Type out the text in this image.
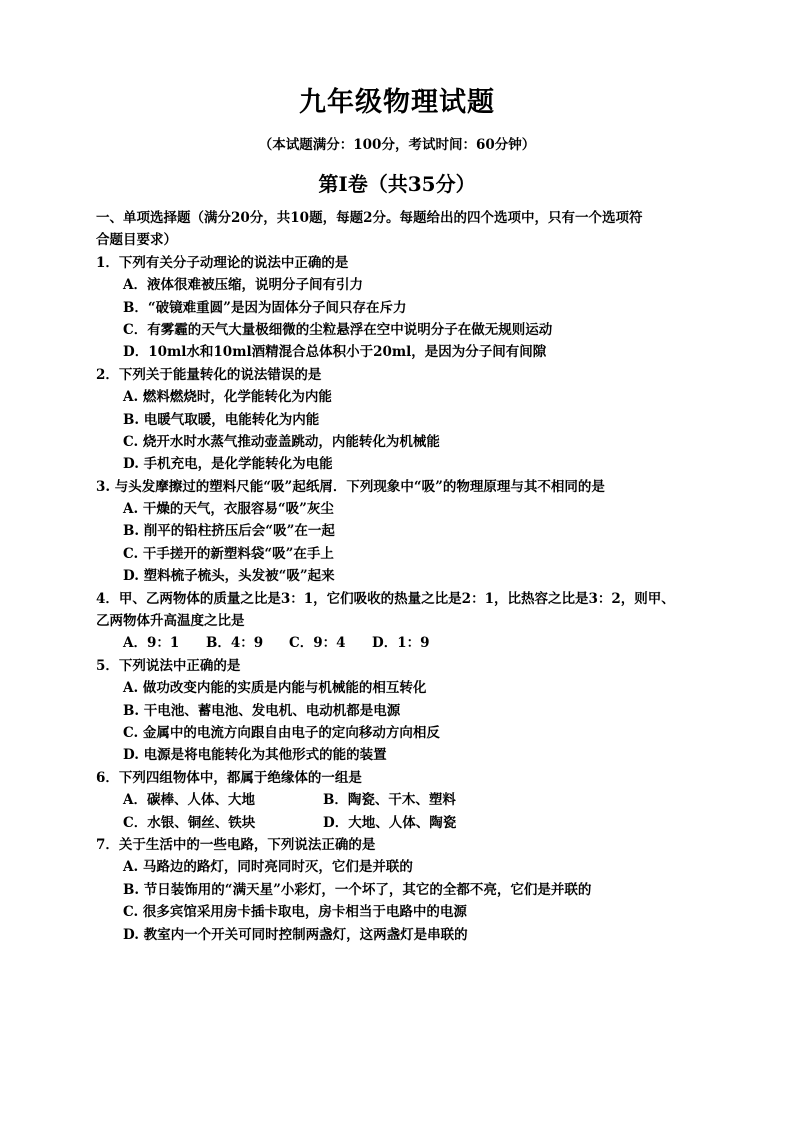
九年级物理试题
（本试题满分：100分，考试时间：60分钟）
第Ⅰ卷（共35分）
一、单项选择题（满分20分，共10题，每题2分。每题给出的四个选项中，只有一个选项符
合题目要求）
1．下列有关分子动理论的说法中正确的是
A．液体很难被压缩，说明分子间有引力
B．“破镜难重圆”是因为固体分子间只存在斥力
C．有雾霾的天气大量极细微的尘粒悬浮在空中说明分子在做无规则运动
D．10ml水和10ml酒精混合总体积小于20ml，是因为分子间有间隙
2．下列关于能量转化的说法错误的是
A. 燃料燃烧时，化学能转化为内能
B. 电暖气取暖，电能转化为内能
C. 烧开水时水蒸气推动壶盖跳动，内能转化为机械能
D. 手机充电，是化学能转化为电能
3. 与头发摩擦过的塑料尺能“吸”起纸屑．下列现象中“吸”的物理原理与其不相同的是
A. 干燥的天气，衣服容易“吸”灰尘
B. 削平的铅柱挤压后会“吸”在一起
C. 干手搓开的新塑料袋“吸”在手上
D. 塑料梳子梳头，头发被“吸”起来
4．甲、乙两物体的质量之比是3：1，它们吸收的热量之比是2：1，比热容之比是3：2，则甲、
乙两物体升高温度之比是
A．9：1 B．4：9 C．9：4 D．1：9
5．下列说法中正确的是
A. 做功改变内能的实质是内能与机械能的相互转化
B. 干电池、蓄电池、发电机、电动机都是电源
C. 金属中的电流方向跟自由电子的定向移动方向相反
D. 电源是将电能转化为其他形式的能的装置
6．下列四组物体中，都属于绝缘体的一组是
A．碳棒、人体、大地	B．陶瓷、干木、塑料
C．水银、铜丝、铁块	D．大地、人体、陶瓷
7．关于生活中的一些电路，下列说法正确的是
A. 马路边的路灯，同时亮同时灭，它们是并联的
B. 节日装饰用的“满天星”小彩灯，一个坏了，其它的全都不亮，它们是并联的
C. 很多宾馆采用房卡插卡取电，房卡相当于电路中的电源
D. 教室内一个开关可同时控制两盏灯，这两盏灯是串联的
